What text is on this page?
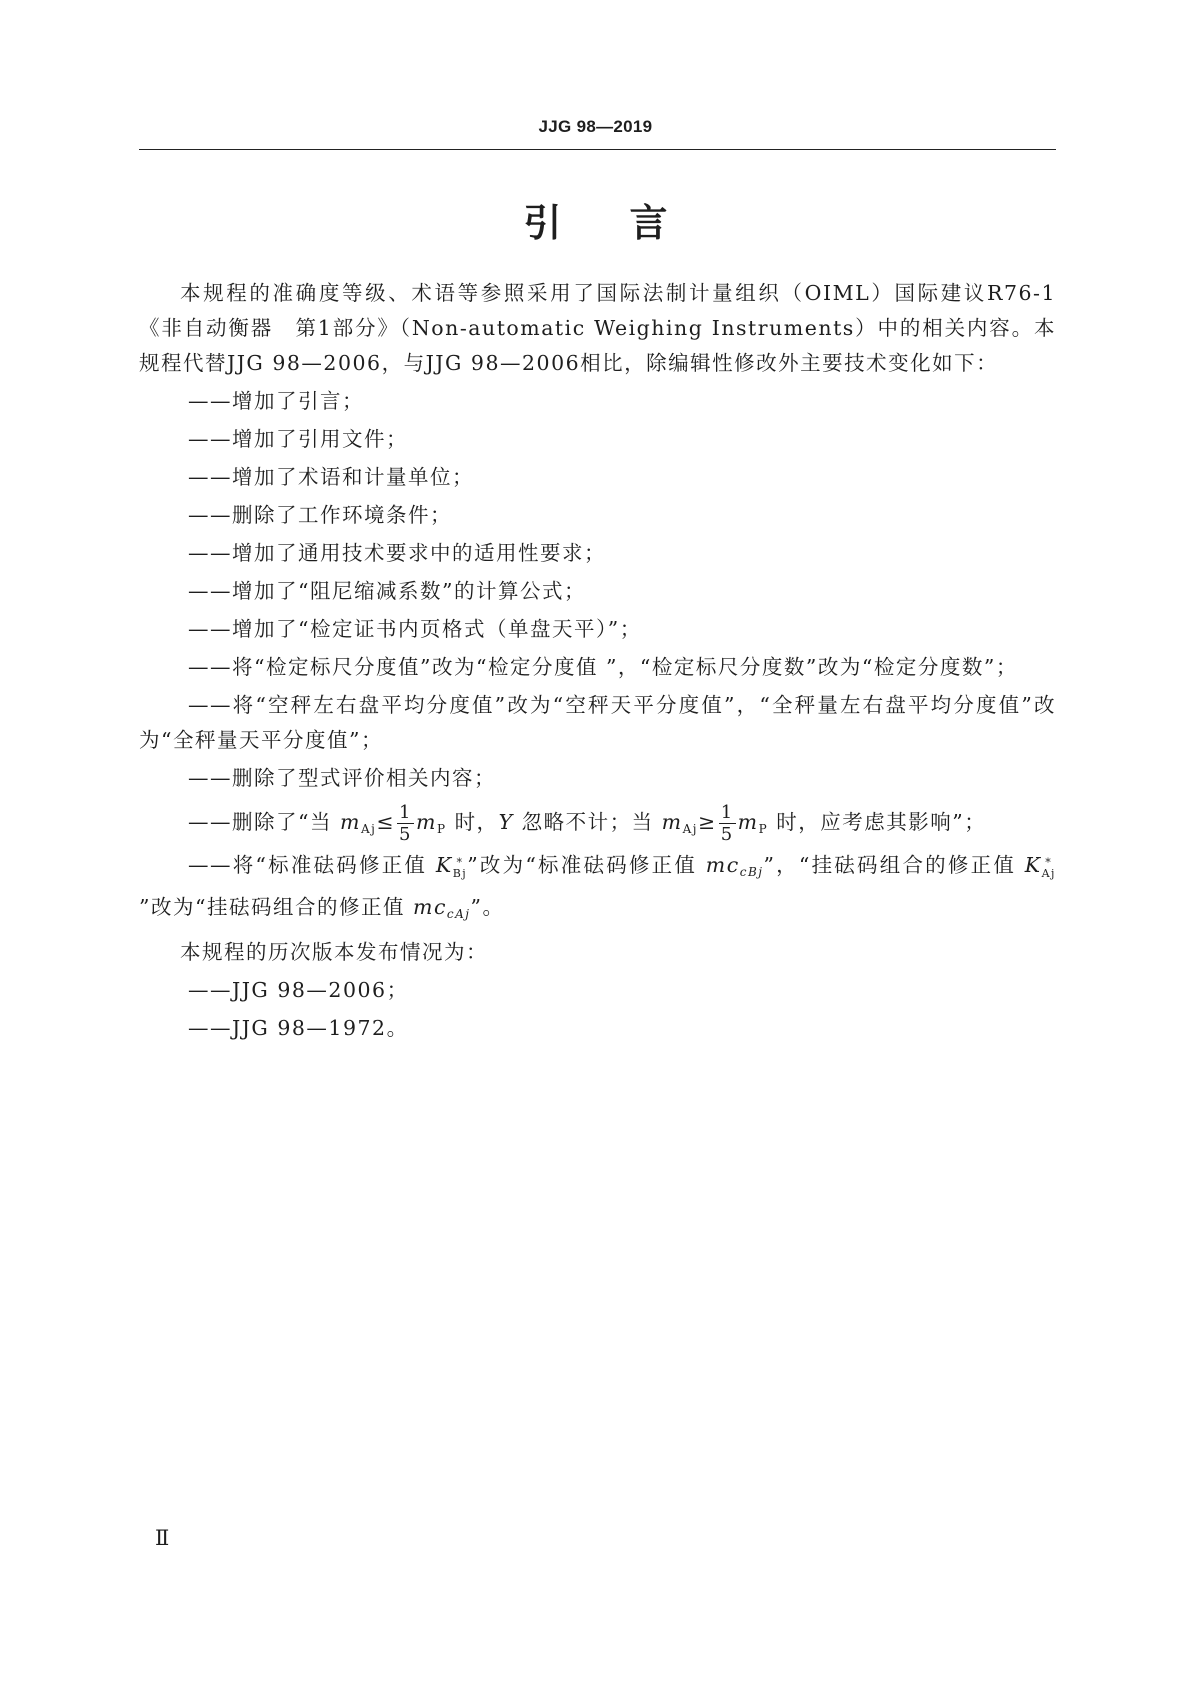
JJG 98—2019
引言

本规程的准确度等级、术语等参照采用了国际法制计量组织（OIML）国际建议R76-1《非自动衡器　第1部分》（Non-automatic Weighing Instruments）中的相关内容。本规程代替JJG 98—2006，与JJG 98—2006相比，除编辑性修改外主要技术变化如下：

——增加了引言；

——增加了引用文件；

——增加了术语和计量单位；

——删除了工作环境条件；

——增加了通用技术要求中的适用性要求；

——增加了“阻尼缩减系数”的计算公式；

——增加了“检定证书内页格式（单盘天平）”；

——将“检定标尺分度值”改为“检定分度值 ”，“检定标尺分度数”改为“检定分度数”；

——将“空秤左右盘平均分度值”改为“空秤天平分度值”，“全秤量左右盘平均分度值”改为“全秤量天平分度值”；

——删除了型式评价相关内容；

——删除了“当 $mAj\le \frac{1}{5}$ mP 时，Y 忽略不计；当 $mAj\ge \frac{1}{5}$ mP 时，应考虑其影响”；

——将“标准砝码修正值 K *
Bj ”改为“标准砝码修正值 mccBj”，“挂砝码组合的修正值 K *
Aj
”改为“挂砝码组合的修正值 mccAj”。

本规程的历次版本发布情况为：

——JJG 98—2006；

——JJG 98—1972。

Ⅱ
